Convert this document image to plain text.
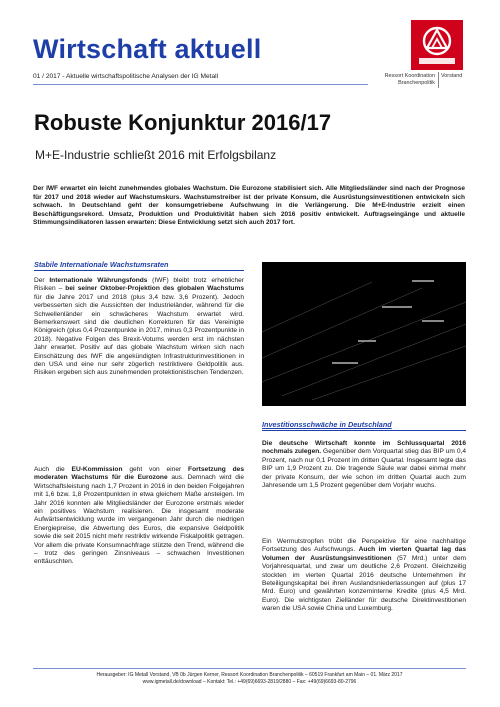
Wirtschaft aktuell
01 / 2017 - Aktuelle wirtschaftspolitische Analysen der IG Metall	Ressort Koordination Branchenpolitik
Vorstand
Robuste Konjunktur 2016/17
M+E-Industrie schließt 2016 mit Erfolgsbilanz
Der IWF erwartet ein leicht zunehmendes globales Wachstum. Die Eurozone stabilisiert sich. Alle Mitgliedsländer sind nach der Prognose für 2017 und 2018 wieder auf Wachstumskurs. Wachstumstreiber ist der private Konsum, die Ausrüstungsinvestitionen entwickeln sich schwach. In Deutschland geht der konsumgetriebene Aufschwung in die Verlängerung. Die M+E-Industrie erzielt einen Beschäftigungsrekord. Umsatz, Produktion und Produktivität haben sich 2016 positiv entwickelt. Auftragseingänge und aktuelle Stimmungsindikatoren lassen erwarten: Diese Entwicklung setzt sich auch 2017 fort.
Stabile Internationale Wachstumsraten
Der Internationale Währungsfonds (IWF) bleibt trotz erheblicher Risiken – bei seiner Oktober-Projektion des globalen Wachstums für die Jahre 2017 und 2018 (plus 3,4 bzw. 3,6 Prozent). Jedoch verbesserten sich die Aussichten der Industrieländer, während für die Schwellenländer ein schwächeres Wachstum erwartet wird. Bemerkenswert sind die deutlichen Korrekturen für das Vereinigte Königreich (plus 0,4 Prozentpunkte in 2017, minus 0,3 Prozentpunkte in 2018). Negative Folgen des Brexit-Votums werden erst im nächsten Jahr erwartet. Positiv auf das globale Wachstum wirken sich nach Einschätzung des IWF die angekündigten Infrastrukturinvestitionen in den USA und eine nur sehr zögerlich restriktivere Geldpolitik aus. Risiken ergeben sich aus zunehmenden protektionistischen Tendenzen.
Auch die EU-Kommission geht von einer Fortsetzung des moderaten Wachstums für die Eurozone aus. Demnach wird die Wirtschaftsleistung nach 1,7 Prozent in 2016 in den beiden Folgejahren mit 1,6 bzw. 1,8 Prozentpunkten in etwa gleichem Maße ansteigen. Im Jahr 2016 konnten alle Mitgliedsländer der Eurozone erstmals wieder ein positives Wachstum realisieren. Die insgesamt moderate Aufwärtsentwicklung wurde im vergangenen Jahr durch die niedrigen Energiepreise, die Abwertung des Euros, die expansive Geldpolitik sowie die seit 2015 nicht mehr restriktiv wirkende Fiskalpolitik getragen. Vor allem die private Konsumnachfrage stützte den Trend, während die – trotz des geringen Zinsniveaus – schwachen Investitionen enttäuschten.
Investitionsschwäche in Deutschland
Die deutsche Wirtschaft konnte im Schlussquartal 2016 nochmals zulegen. Gegenüber dem Vorquartal stieg das BIP um 0,4 Prozent, nach nur 0,1 Prozent im dritten Quartal. Insgesamt legte das BIP um 1,9 Prozent zu. Die tragende Säule war dabei einmal mehr der private Konsum, der wie schon im dritten Quartal auch zum Jahresende um 1,5 Prozent gegenüber dem Vorjahr wuchs.
Ein Wermutstropfen trübt die Perspektive für eine nachhaltige Fortsetzung des Aufschwungs. Auch im vierten Quartal lag das Volumen der Ausrüstungsinvestitionen (57 Mrd.) unter dem Vorjahresquartal, und zwar um deutliche 2,6 Prozent. Gleichzeitig stockten im vierten Quartal 2016 deutsche Unternehmen ihr Beteiligungskapital bei ihren Auslandsniederlassungen auf (plus 17 Mrd. Euro) und gewährten konzerninterne Kredite (plus 4,5 Mrd. Euro). Die wichtigsten Zielländer für deutsche Direktinvestitionen waren die USA sowie China und Luxemburg.
Herausgeber: IG Metall Vorstand, VB 0b Jürgen Kerner, Ressort Koordination Branchenpolitik – 60519 Frankfurt am Main – 01. März 2017
www.igmetall.de/download – Kontakt: Tel.: +49(69)6693-2819/2880 – Fax: +49(69)6693-80-2796
